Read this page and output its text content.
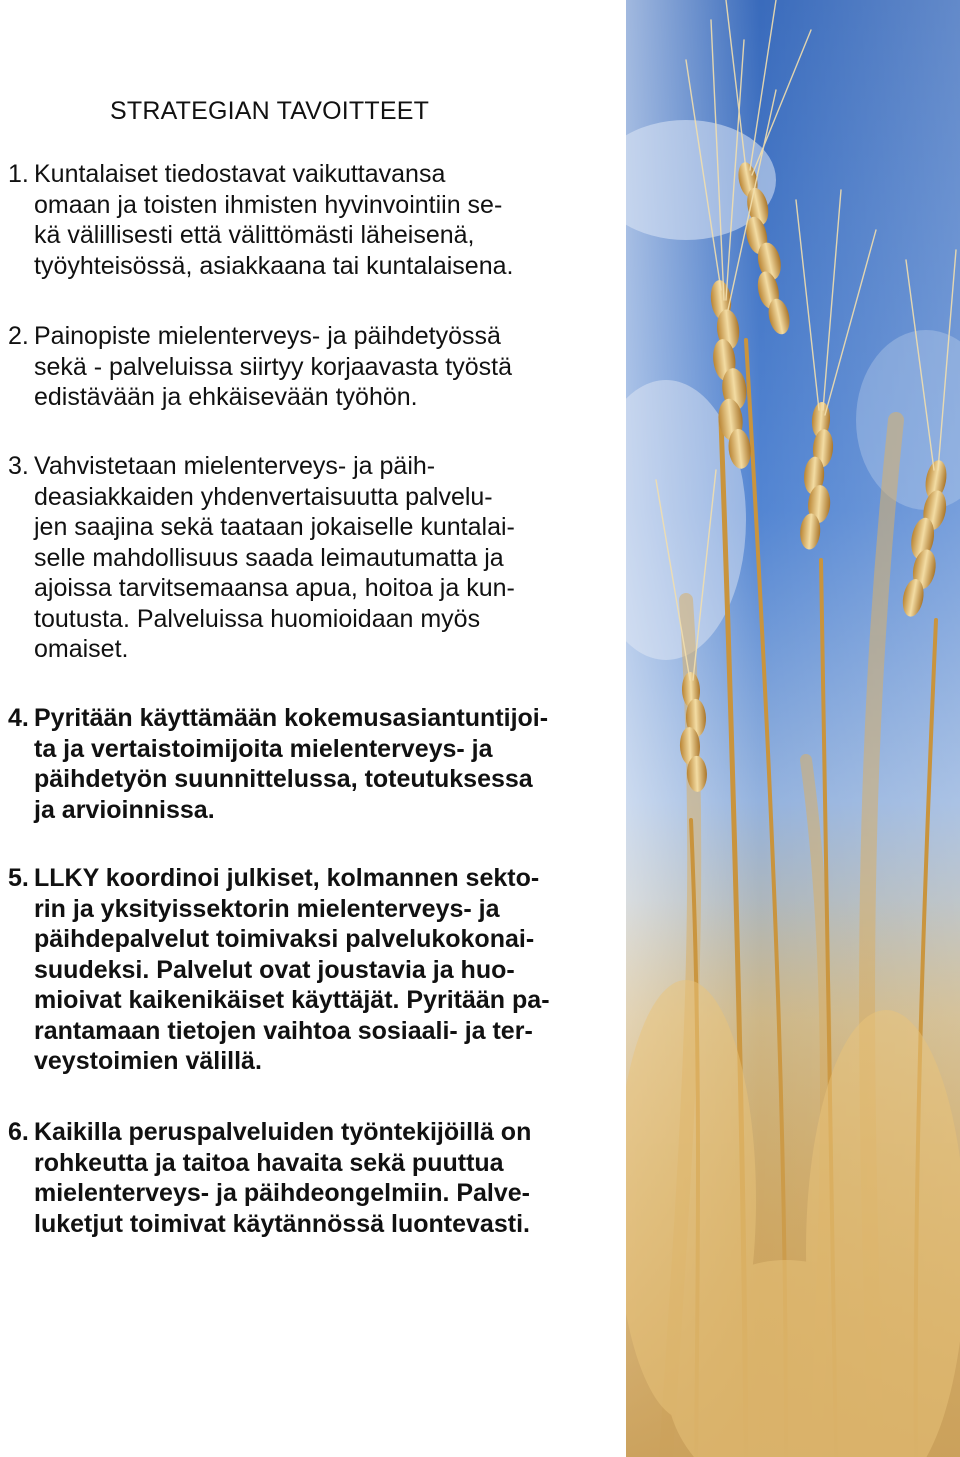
STRATEGIAN TAVOITTEET
1. Kuntalaiset tiedostavat vaikuttavansa
omaan ja toisten ihmisten hyvinvointiin se-
kä välillisesti että välittömästi läheisenä,
työyhteisössä, asiakkaana tai kuntalaisena.

2. Painopiste mielenterveys- ja päihdetyössä
sekä - palveluissa siirtyy korjaavasta työstä
edistävään ja ehkäisevään työhön.

3. Vahvistetaan mielenterveys- ja päih-
deasiakkaiden yhdenvertaisuutta palvelu-
jen saajina sekä taataan jokaiselle kuntalai-
selle mahdollisuus saada leimautumatta ja
ajoissa tarvitsemaansa apua, hoitoa ja kun-
toutusta. Palveluissa huomioidaan myös
omaiset.

4. Pyritään käyttämään kokemusasiantuntijoi-
ta ja vertaistoimijoita mielenterveys- ja
päihdetyön suunnittelussa, toteutuksessa
ja arvioinnissa.

5. LLKY koordinoi julkiset, kolmannen sekto-
rin ja yksityissektorin mielenterveys- ja
päihdepalvelut toimivaksi palvelukokonai-
suudeksi. Palvelut ovat joustavia ja huo-
mioivat kaikenikäiset käyttäjät. Pyritään pa-
rantamaan tietojen vaihtoa sosiaali- ja ter-
veystoimien välillä.

6. Kaikilla peruspalveluiden työntekijöillä on
rohkeutta ja taitoa havaita sekä puuttua
mielenterveys- ja päihdeongelmiin. Palve-
luketjut toimivat käytännössä luontevasti.
